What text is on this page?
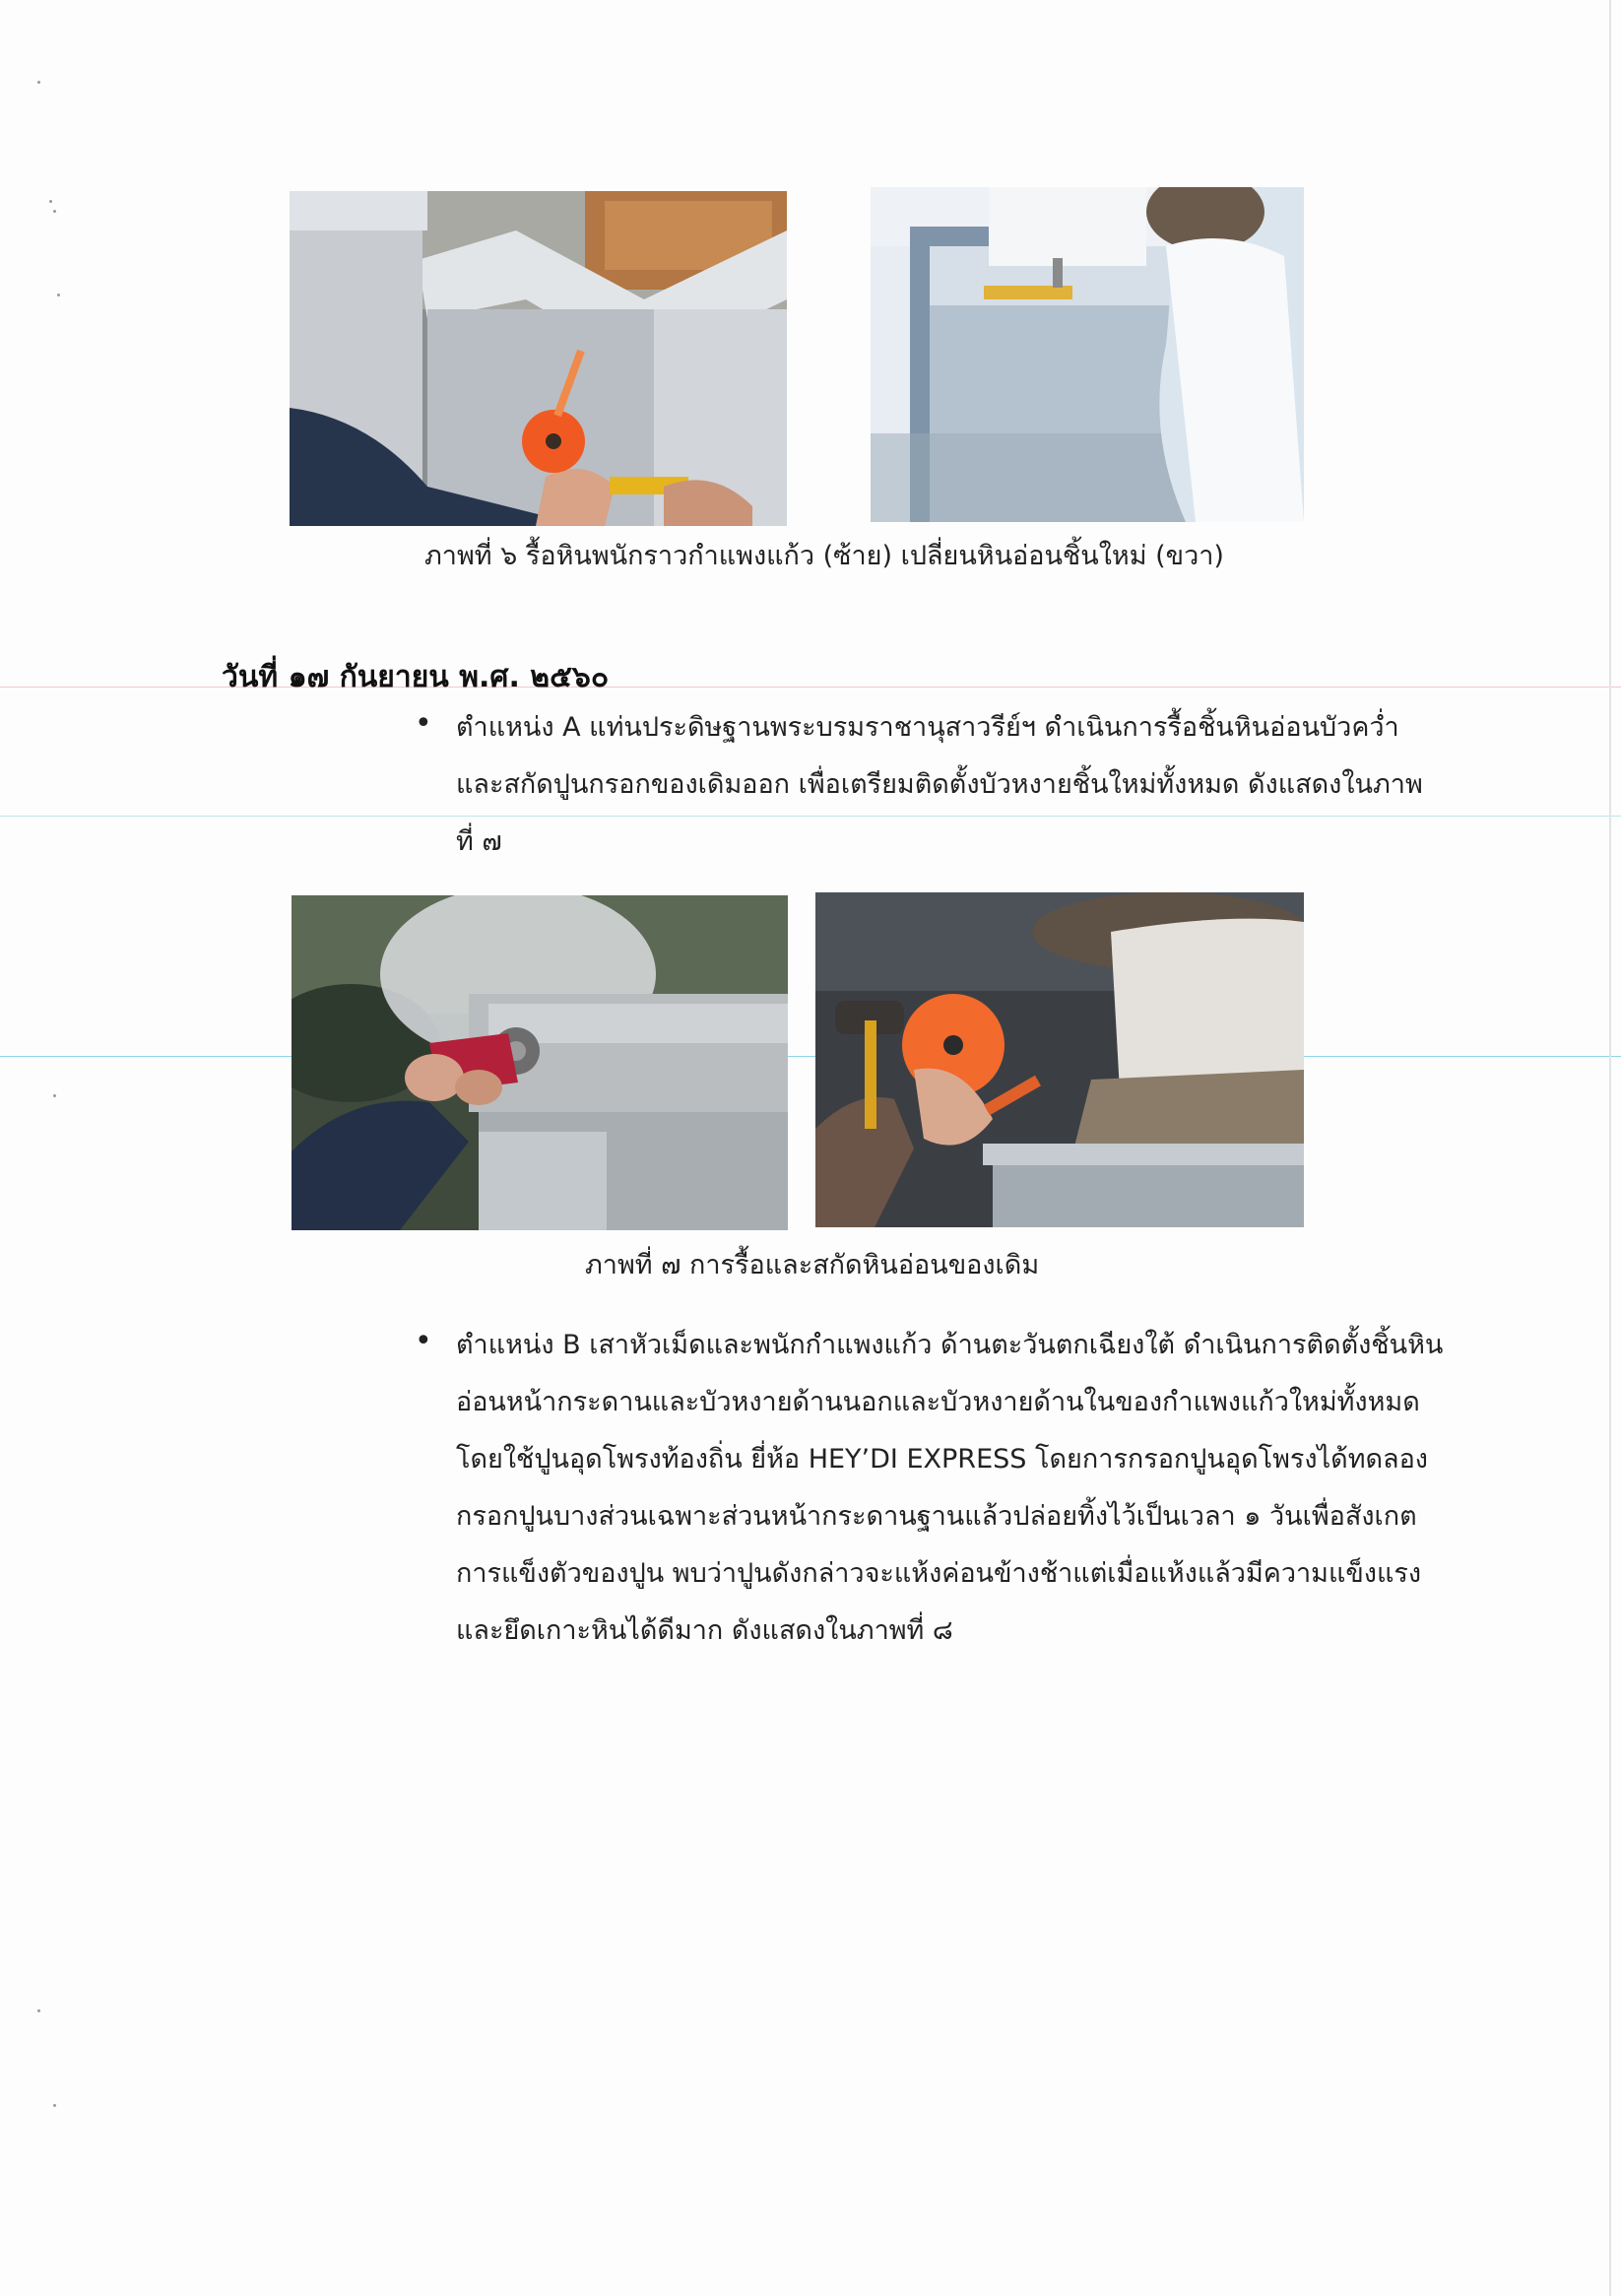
ภาพที่ ๖ รื้อหินพนักราวกำแพงแก้ว (ซ้าย) เปลี่ยนหินอ่อนชิ้นใหม่ (ขวา)
วันที่ ๑๗ กันยายน พ.ศ. ๒๕๖๐
• ตำแหน่ง A แท่นประดิษฐานพระบรมราชานุสาวรีย์ฯ ดำเนินการรื้อชิ้นหินอ่อนบัวคว่ำ
และสกัดปูนกรอกของเดิมออก เพื่อเตรียมติดตั้งบัวหงายชิ้นใหม่ทั้งหมด ดังแสดงในภาพ
ที่ ๗
ภาพที่ ๗ การรื้อและสกัดหินอ่อนของเดิม
• ตำแหน่ง B เสาหัวเม็ดและพนักกำแพงแก้ว ด้านตะวันตกเฉียงใต้ ดำเนินการติดตั้งชิ้นหิน
อ่อนหน้ากระดานและบัวหงายด้านนอกและบัวหงายด้านในของกำแพงแก้วใหม่ทั้งหมด
โดยใช้ปูนอุดโพรงท้องถิ่น ยี่ห้อ HEY’DI EXPRESS โดยการกรอกปูนอุดโพรงได้ทดลอง
กรอกปูนบางส่วนเฉพาะส่วนหน้ากระดานฐานแล้วปล่อยทิ้งไว้เป็นเวลา ๑ วันเพื่อสังเกต
การแข็งตัวของปูน พบว่าปูนดังกล่าวจะแห้งค่อนข้างช้าแต่เมื่อแห้งแล้วมีความแข็งแรง
และยึดเกาะหินได้ดีมาก ดังแสดงในภาพที่ ๘
